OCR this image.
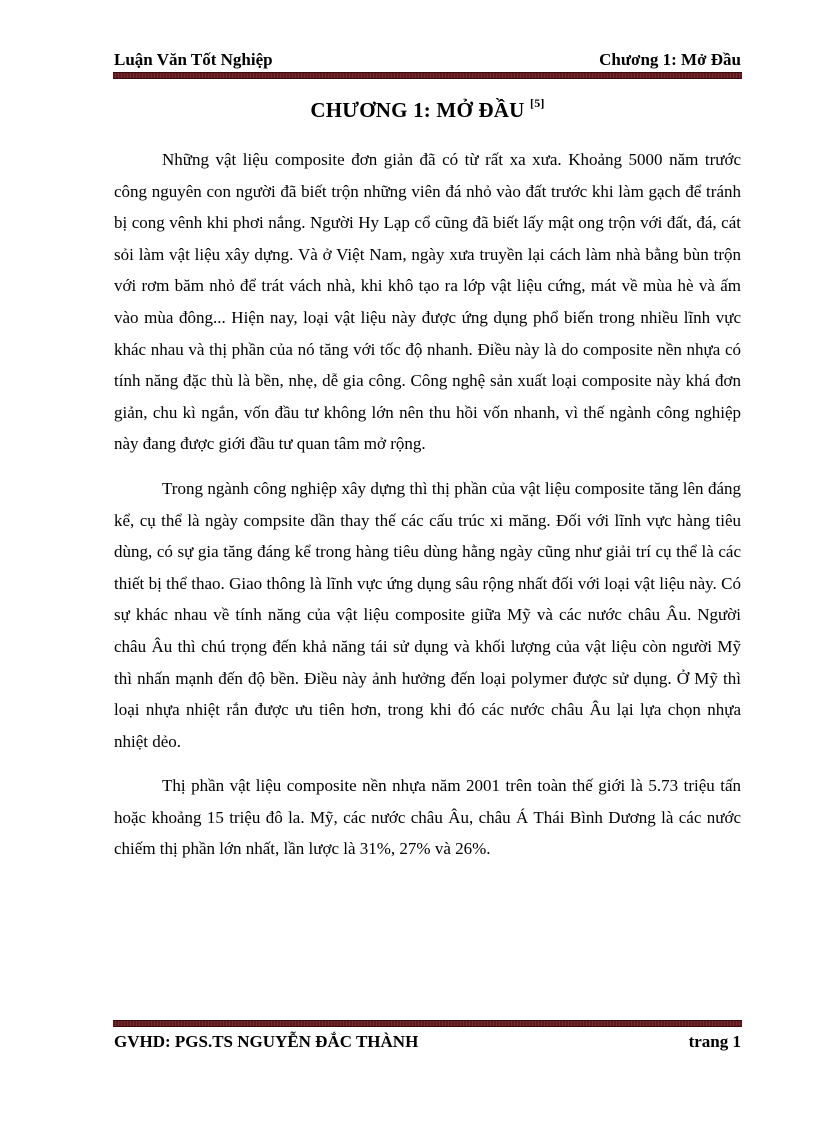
Luận Văn Tốt Nghiệp	Chương 1: Mở Đầu
CHƯƠNG 1: MỞ ĐẦU [5]

Những vật liệu composite đơn giản đã có từ rất xa xưa. Khoảng 5000 năm trước công nguyên con người đã biết trộn những viên đá nhỏ vào đất trước khi làm gạch để tránh bị cong vênh khi phơi nắng. Người Hy Lạp cổ cũng đã biết lấy mật ong trộn với đất, đá, cát sỏi làm vật liệu xây dựng. Và ở Việt Nam, ngày xưa truyền lại cách làm nhà bằng bùn trộn với rơm băm nhỏ để trát vách nhà, khi khô tạo ra lớp vật liệu cứng, mát về mùa hè và ấm vào mùa đông... Hiện nay, loại vật liệu này được ứng dụng phổ biến trong nhiều lĩnh vực khác nhau và thị phần của nó tăng với tốc độ nhanh. Điều này là do composite nền nhựa có tính năng đặc thù là bền, nhẹ, dễ gia công. Công nghệ sản xuất loại composite này khá đơn giản, chu kì ngắn, vốn đầu tư không lớn nên thu hồi vốn nhanh, vì thế ngành công nghiệp này đang được giới đầu tư quan tâm mở rộng.

Trong ngành công nghiệp xây dựng thì thị phần của vật liệu composite tăng lên đáng kể, cụ thể là ngày compsite dần thay thế các cấu trúc xi măng. Đối với lĩnh vực hàng tiêu dùng, có sự gia tăng đáng kể trong hàng tiêu dùng hằng ngày cũng như giải trí cụ thể là các thiết bị thể thao. Giao thông là lĩnh vực ứng dụng sâu rộng nhất đối với loại vật liệu này. Có sự khác nhau về tính năng của vật liệu composite giữa Mỹ và các nước châu Âu. Người châu Âu thì chú trọng đến khả năng tái sử dụng và khối lượng của vật liệu còn người Mỹ thì nhấn mạnh đến độ bền. Điều này ảnh hưởng đến loại polymer được sử dụng. Ở Mỹ thì loại nhựa nhiệt rắn được ưu tiên hơn, trong khi đó các nước châu Âu lại lựa chọn nhựa nhiệt dẻo.

Thị phần vật liệu composite nền nhựa năm 2001 trên toàn thế giới là 5.73 triệu tấn hoặc khoảng 15 triệu đô la. Mỹ, các nước châu Âu, châu Á Thái Bình Dương là các nước chiếm thị phần lớn nhất, lần lược là 31%, 27% và 26%.

GVHD: PGS.TS NGUYỄN ĐẮC THÀNH	trang 1
